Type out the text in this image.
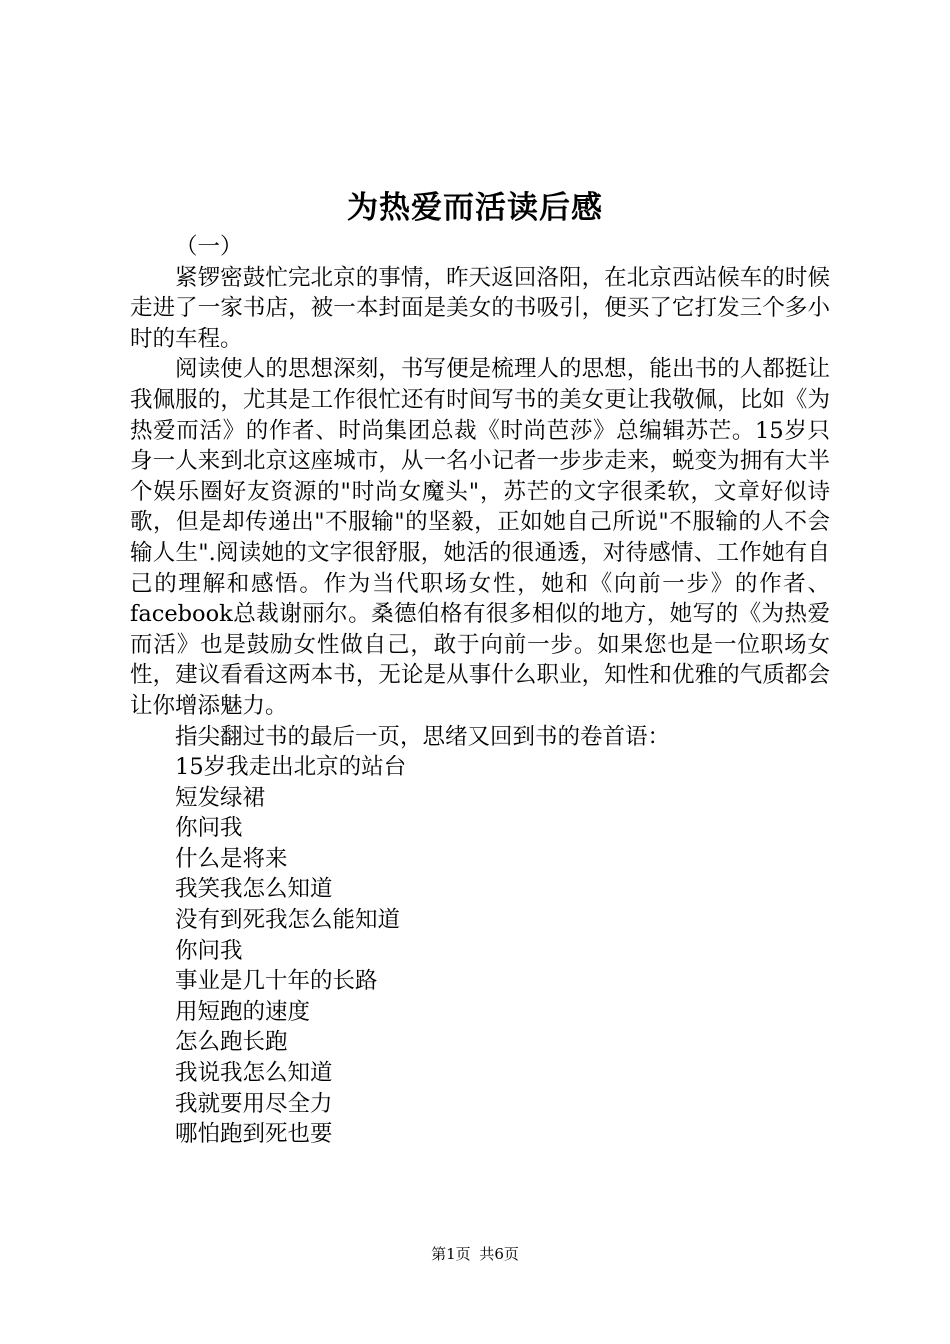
为热爱而活读后感

（一）

紧锣密鼓忙完北京的事情，昨天返回洛阳，在北京西站候车的时候走进了一家书店，被一本封面是美女的书吸引，便买了它打发三个多小时的车程。

阅读使人的思想深刻，书写便是梳理人的思想，能出书的人都挺让我佩服的，尤其是工作很忙还有时间写书的美女更让我敬佩，比如《为热爱而活》的作者、时尚集团总裁《时尚芭莎》总编辑苏芒。15岁只身一人来到北京这座城市，从一名小记者一步步走来，蜕变为拥有大半个娱乐圈好友资源的"时尚女魔头"，苏芒的文字很柔软，文章好似诗歌，但是却传递出"不服输"的坚毅，正如她自己所说"不服输的人不会输人生".阅读她的文字很舒服，她活的很通透，对待感情、工作她有自己的理解和感悟。作为当代职场女性，她和《向前一步》的作者、facebook总裁谢丽尔。桑德伯格有很多相似的地方，她写的《为热爱而活》也是鼓励女性做自己，敢于向前一步。如果您也是一位职场女性，建议看看这两本书，无论是从事什么职业，知性和优雅的气质都会让你增添魅力。

指尖翻过书的最后一页，思绪又回到书的卷首语：

15岁我走出北京的站台

短发绿裙

你问我

什么是将来

我笑我怎么知道

没有到死我怎么能知道

你问我

事业是几十年的长路

用短跑的速度

怎么跑长跑

我说我怎么知道

我就要用尽全力

哪怕跑到死也要

第1页 共6页
